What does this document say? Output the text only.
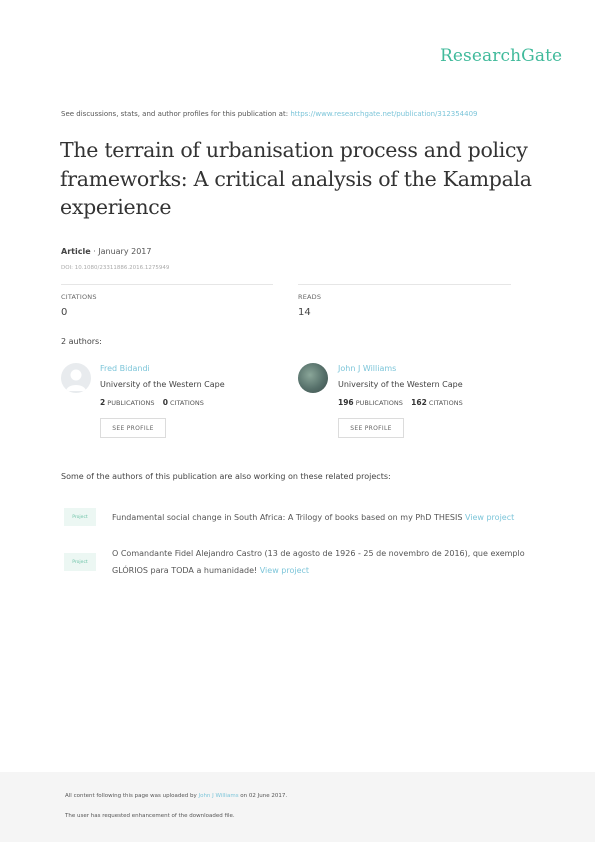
ResearchGate
See discussions, stats, and author profiles for this publication at: https://www.researchgate.net/publication/312354409
The terrain of urbanisation process and policy frameworks: A critical analysis of the Kampala experience
Article · January 2017
DOI: 10.1080/23311886.2016.1275949
CITATIONS
0
READS
14
2 authors:
Fred Bidandi
University of the Western Cape
2 PUBLICATIONS 0 CITATIONS
SEE PROFILE
John J Williams
University of the Western Cape
196 PUBLICATIONS 162 CITATIONS
SEE PROFILE
Some of the authors of this publication are also working on these related projects:
Project	Fundamental social change in South Africa: A Trilogy of books based on my PhD THESIS View project
Project
O Comandante Fidel Alejandro Castro (13 de agosto de 1926 - 25 de novembro de 2016), que exemplo GLÓRIOS para TODA a humanidade! View project
All content following this page was uploaded by John J Williams on 02 June 2017.
The user has requested enhancement of the downloaded file.
